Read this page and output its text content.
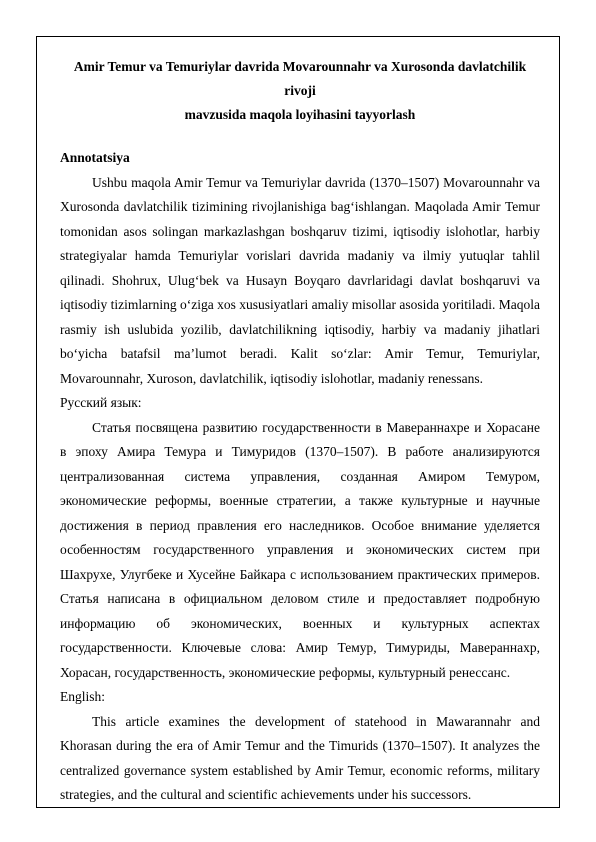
Amir Temur va Temuriylar davrida Movarounnahr va Xurosonda davlatchilik rivoji
mavzusida maqola loyihasini tayyorlash
Annotatsiya

Ushbu maqola Amir Temur va Temuriylar davrida (1370–1507) Movarounnahr va Xurosonda davlatchilik tizimining rivojlanishiga bag‘ishlangan. Maqolada Amir Temur tomonidan asos solingan markazlashgan boshqaruv tizimi, iqtisodiy islohotlar, harbiy strategiyalar hamda Temuriylar vorislari davrida madaniy va ilmiy yutuqlar tahlil qilinadi. Shohrux, Ulug‘bek va Husayn Boyqaro davrlaridagi davlat boshqaruvi va iqtisodiy tizimlarning o‘ziga xos xususiyatlari amaliy misollar asosida yoritiladi. Maqola rasmiy ish uslubida yozilib, davlatchilikning iqtisodiy, harbiy va madaniy jihatlari bo‘yicha batafsil ma’lumot beradi. Kalit so‘zlar: Amir Temur, Temuriylar, Movarounnahr, Xuroson, davlatchilik, iqtisodiy islohotlar, madaniy renessans.

Русский язык:

Статья посвящена развитию государственности в Мавераннахре и Хорасане в эпоху Амира Темура и Тимуридов (1370–1507). В работе анализируются централизованная система управления, созданная Амиром Темуром, экономические реформы, военные стратегии, а также культурные и научные достижения в период правления его наследников. Особое внимание уделяется особенностям государственного управления и экономических систем при Шахрухе, Улугбеке и Хусейне Байкара с использованием практических примеров. Статья написана в официальном деловом стиле и предоставляет подробную информацию об экономических, военных и культурных аспектах государственности. Ключевые слова: Амир Темур, Тимуриды, Мавераннахр, Хорасан, государственность, экономические реформы, культурный ренессанс.

English:

This article examines the development of statehood in Mawarannahr and Khorasan during the era of Amir Temur and the Timurids (1370–1507). It analyzes the centralized governance system established by Amir Temur, economic reforms, military strategies, and the cultural and scientific achievements under his successors.
